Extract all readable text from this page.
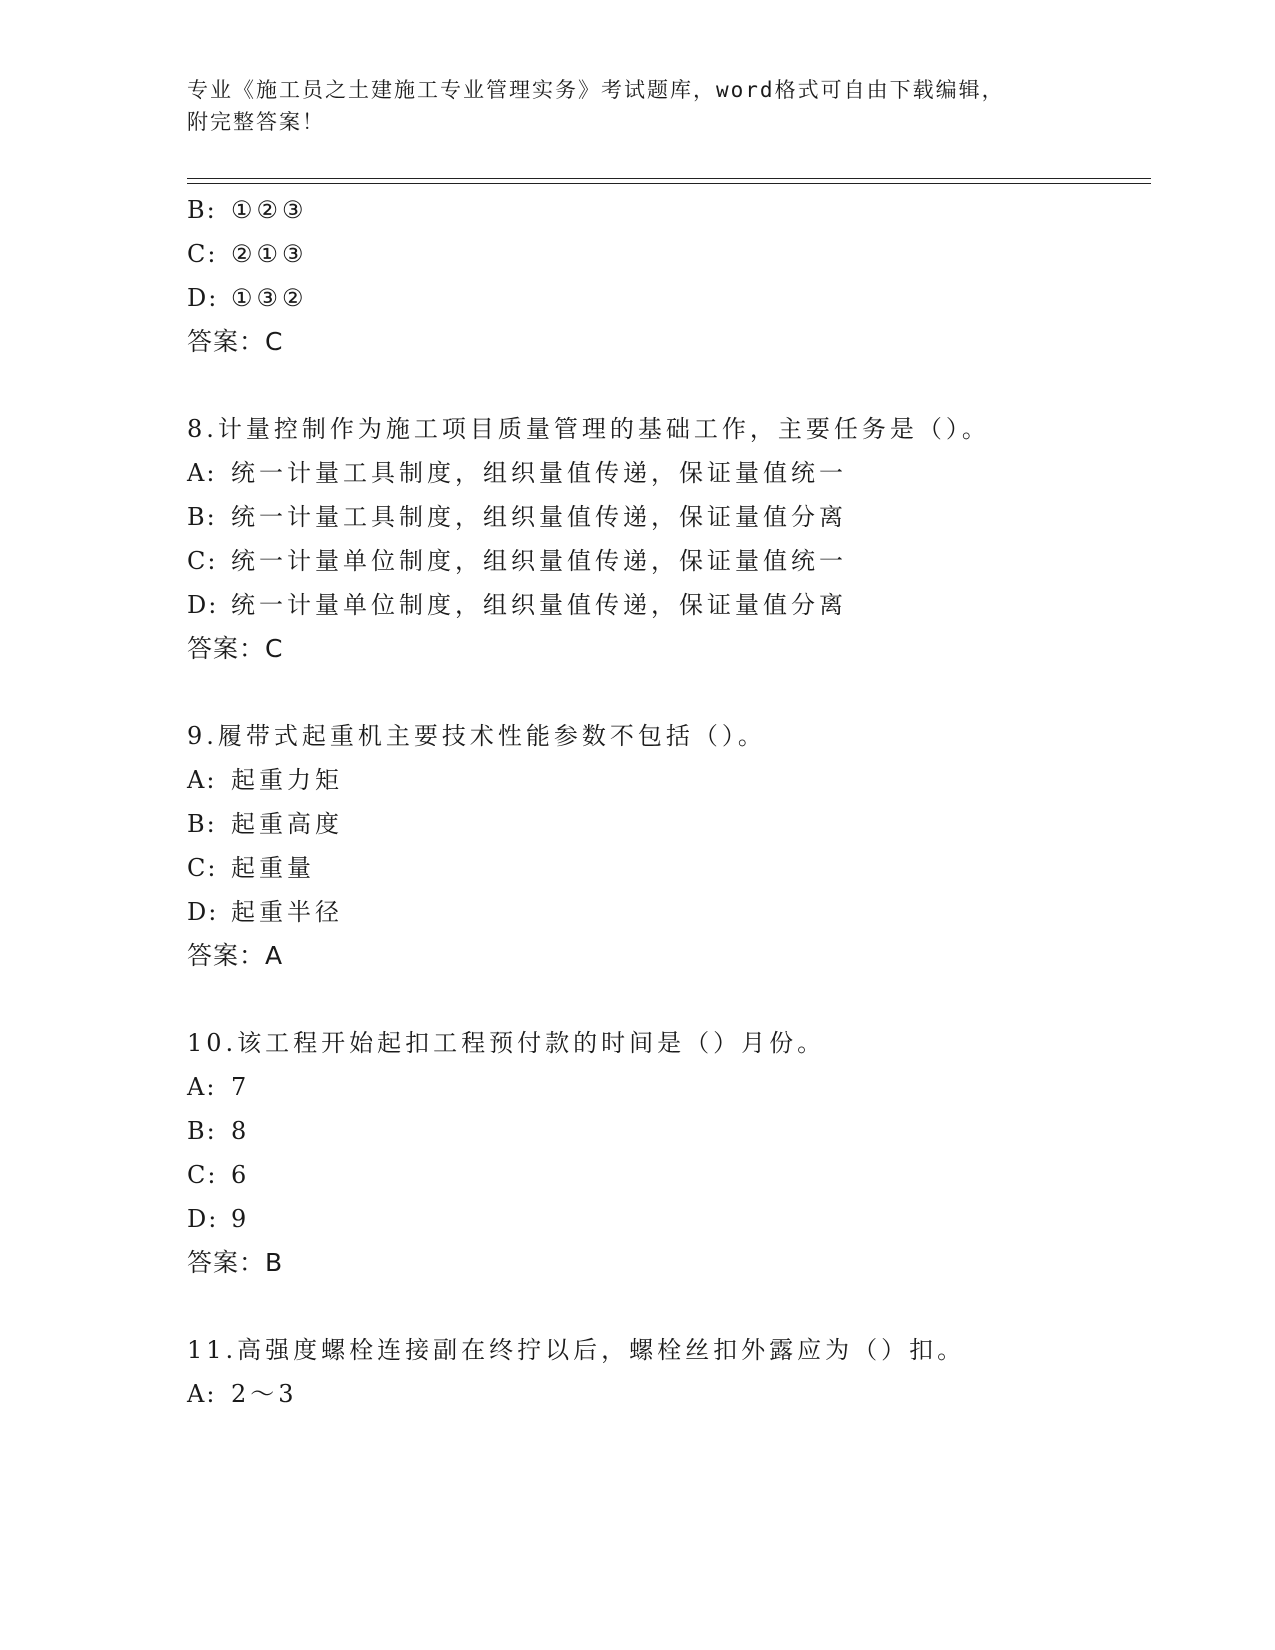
专业《施工员之土建施工专业管理实务》考试题库，word格式可自由下载编辑，
附完整答案！
B: ①②③
C: ②①③
D: ①③②
答案：C
8.计量控制作为施工项目质量管理的基础工作，主要任务是（）。
A: 统一计量工具制度，组织量值传递，保证量值统一
B: 统一计量工具制度，组织量值传递，保证量值分离
C: 统一计量单位制度，组织量值传递，保证量值统一
D: 统一计量单位制度，组织量值传递，保证量值分离
答案：C
9.履带式起重机主要技术性能参数不包括（）。
A: 起重力矩
B: 起重高度
C: 起重量
D: 起重半径
答案：A
10.该工程开始起扣工程预付款的时间是（）月份。
A: 7
B: 8
C: 6
D: 9
答案：B
11.高强度螺栓连接副在终拧以后，螺栓丝扣外露应为（）扣。
A: 2～3
